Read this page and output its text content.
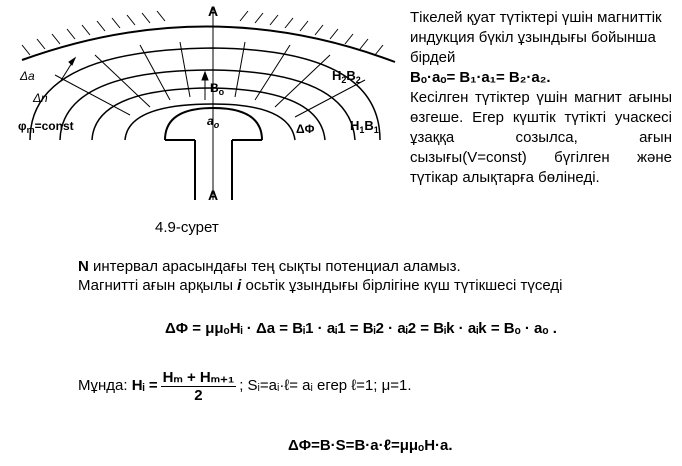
A
A
Δa
Δn
$\varphi_m=const$
$B_o$
$a_o$
$H_2B_2$
$H_1B_1$
ΔΦ
4.9-сурет

Тікелей қуат түтіктері үшін магниттік индукция бүкіл ұзындығы бойынша бірдей

Bₒ·aₒ= B₁·a₁= B₂·a₂.

Кесілген түтіктер үшін магнит ағыны өзгеше. Егер күштік түтікті учаскесі ұзаққа созылса, ағын сызығы(V=const) бүгілген және түтікар алықтарға бөлінеді.

N интервал арасындағы тең сықты потенциал аламыз.
Магнитті ағын арқылы i осьтік ұзындығы бірлігіне күш түтікшесі түседі
ΔΦ = μμₒHᵢ · Δa = Bᵢ1 · aᵢ1 = Bᵢ2 · aᵢ2 = Bᵢk · aᵢk = Bₒ · aₒ .
Мұнда: Hᵢ = $\frac{\text{Hₘ + Hₘ₊₁}}{2}$ ; Sᵢ=aᵢ·ℓ= aᵢ егер ℓ=1; μ=1.
ΔΦ=B·S=B·a·ℓ=μμₒH·a.
